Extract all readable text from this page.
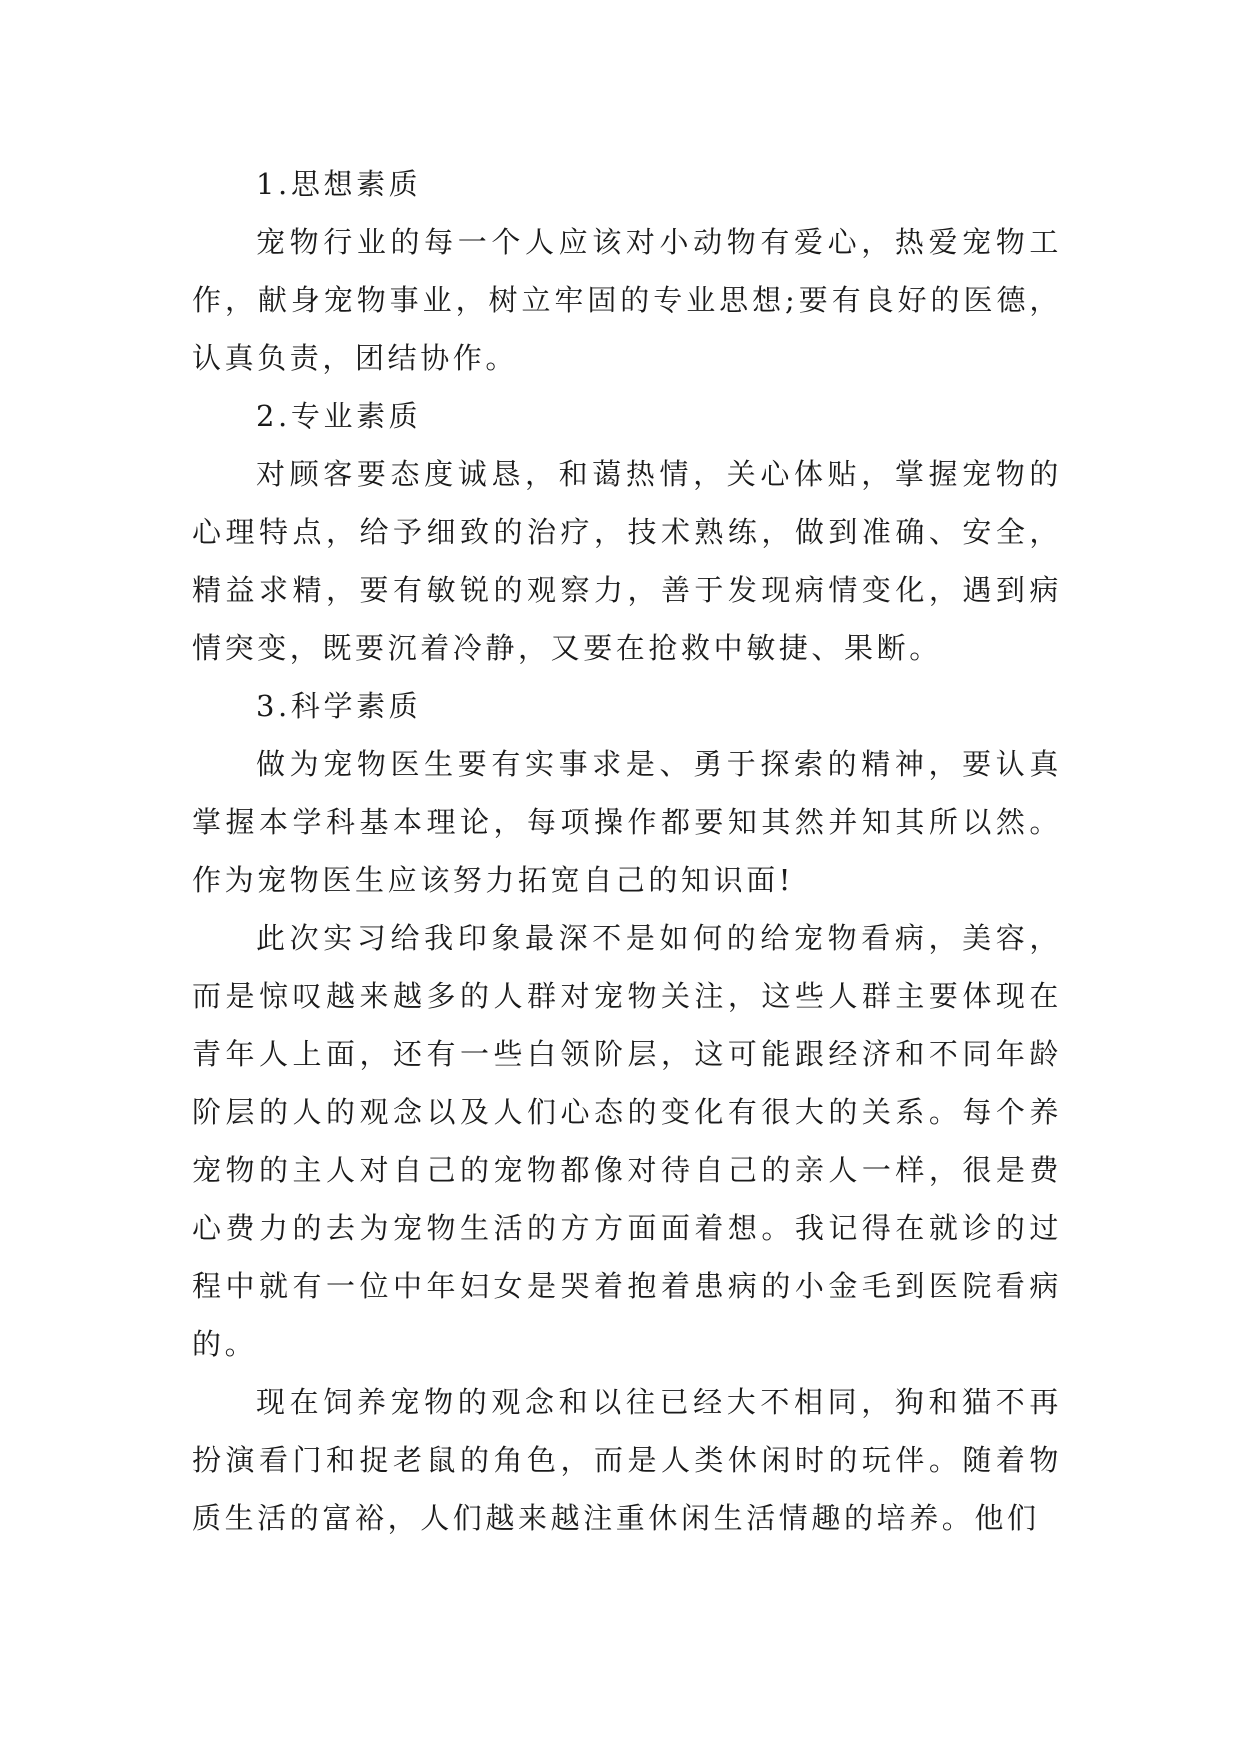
1.思想素质

宠物行业的每一个人应该对小动物有爱心，热爱宠物工作，献身宠物事业，树立牢固的专业思想;要有良好的医德，认真负责，团结协作。

2.专业素质

对顾客要态度诚恳，和蔼热情，关心体贴，掌握宠物的心理特点，给予细致的治疗，技术熟练，做到准确、安全，精益求精，要有敏锐的观察力，善于发现病情变化，遇到病情突变，既要沉着冷静，又要在抢救中敏捷、果断。

3.科学素质

做为宠物医生要有实事求是、勇于探索的精神，要认真掌握本学科基本理论，每项操作都要知其然并知其所以然。作为宠物医生应该努力拓宽自己的知识面!

此次实习给我印象最深不是如何的给宠物看病，美容，而是惊叹越来越多的人群对宠物关注，这些人群主要体现在青年人上面，还有一些白领阶层，这可能跟经济和不同年龄阶层的人的观念以及人们心态的变化有很大的关系。每个养宠物的主人对自己的宠物都像对待自己的亲人一样，很是费心费力的去为宠物生活的方方面面着想。我记得在就诊的过程中就有一位中年妇女是哭着抱着患病的小金毛到医院看病的。

现在饲养宠物的观念和以往已经大不相同，狗和猫不再扮演看门和捉老鼠的角色，而是人类休闲时的玩伴。随着物质生活的富裕，人们越来越注重休闲生活情趣的培养。他们
